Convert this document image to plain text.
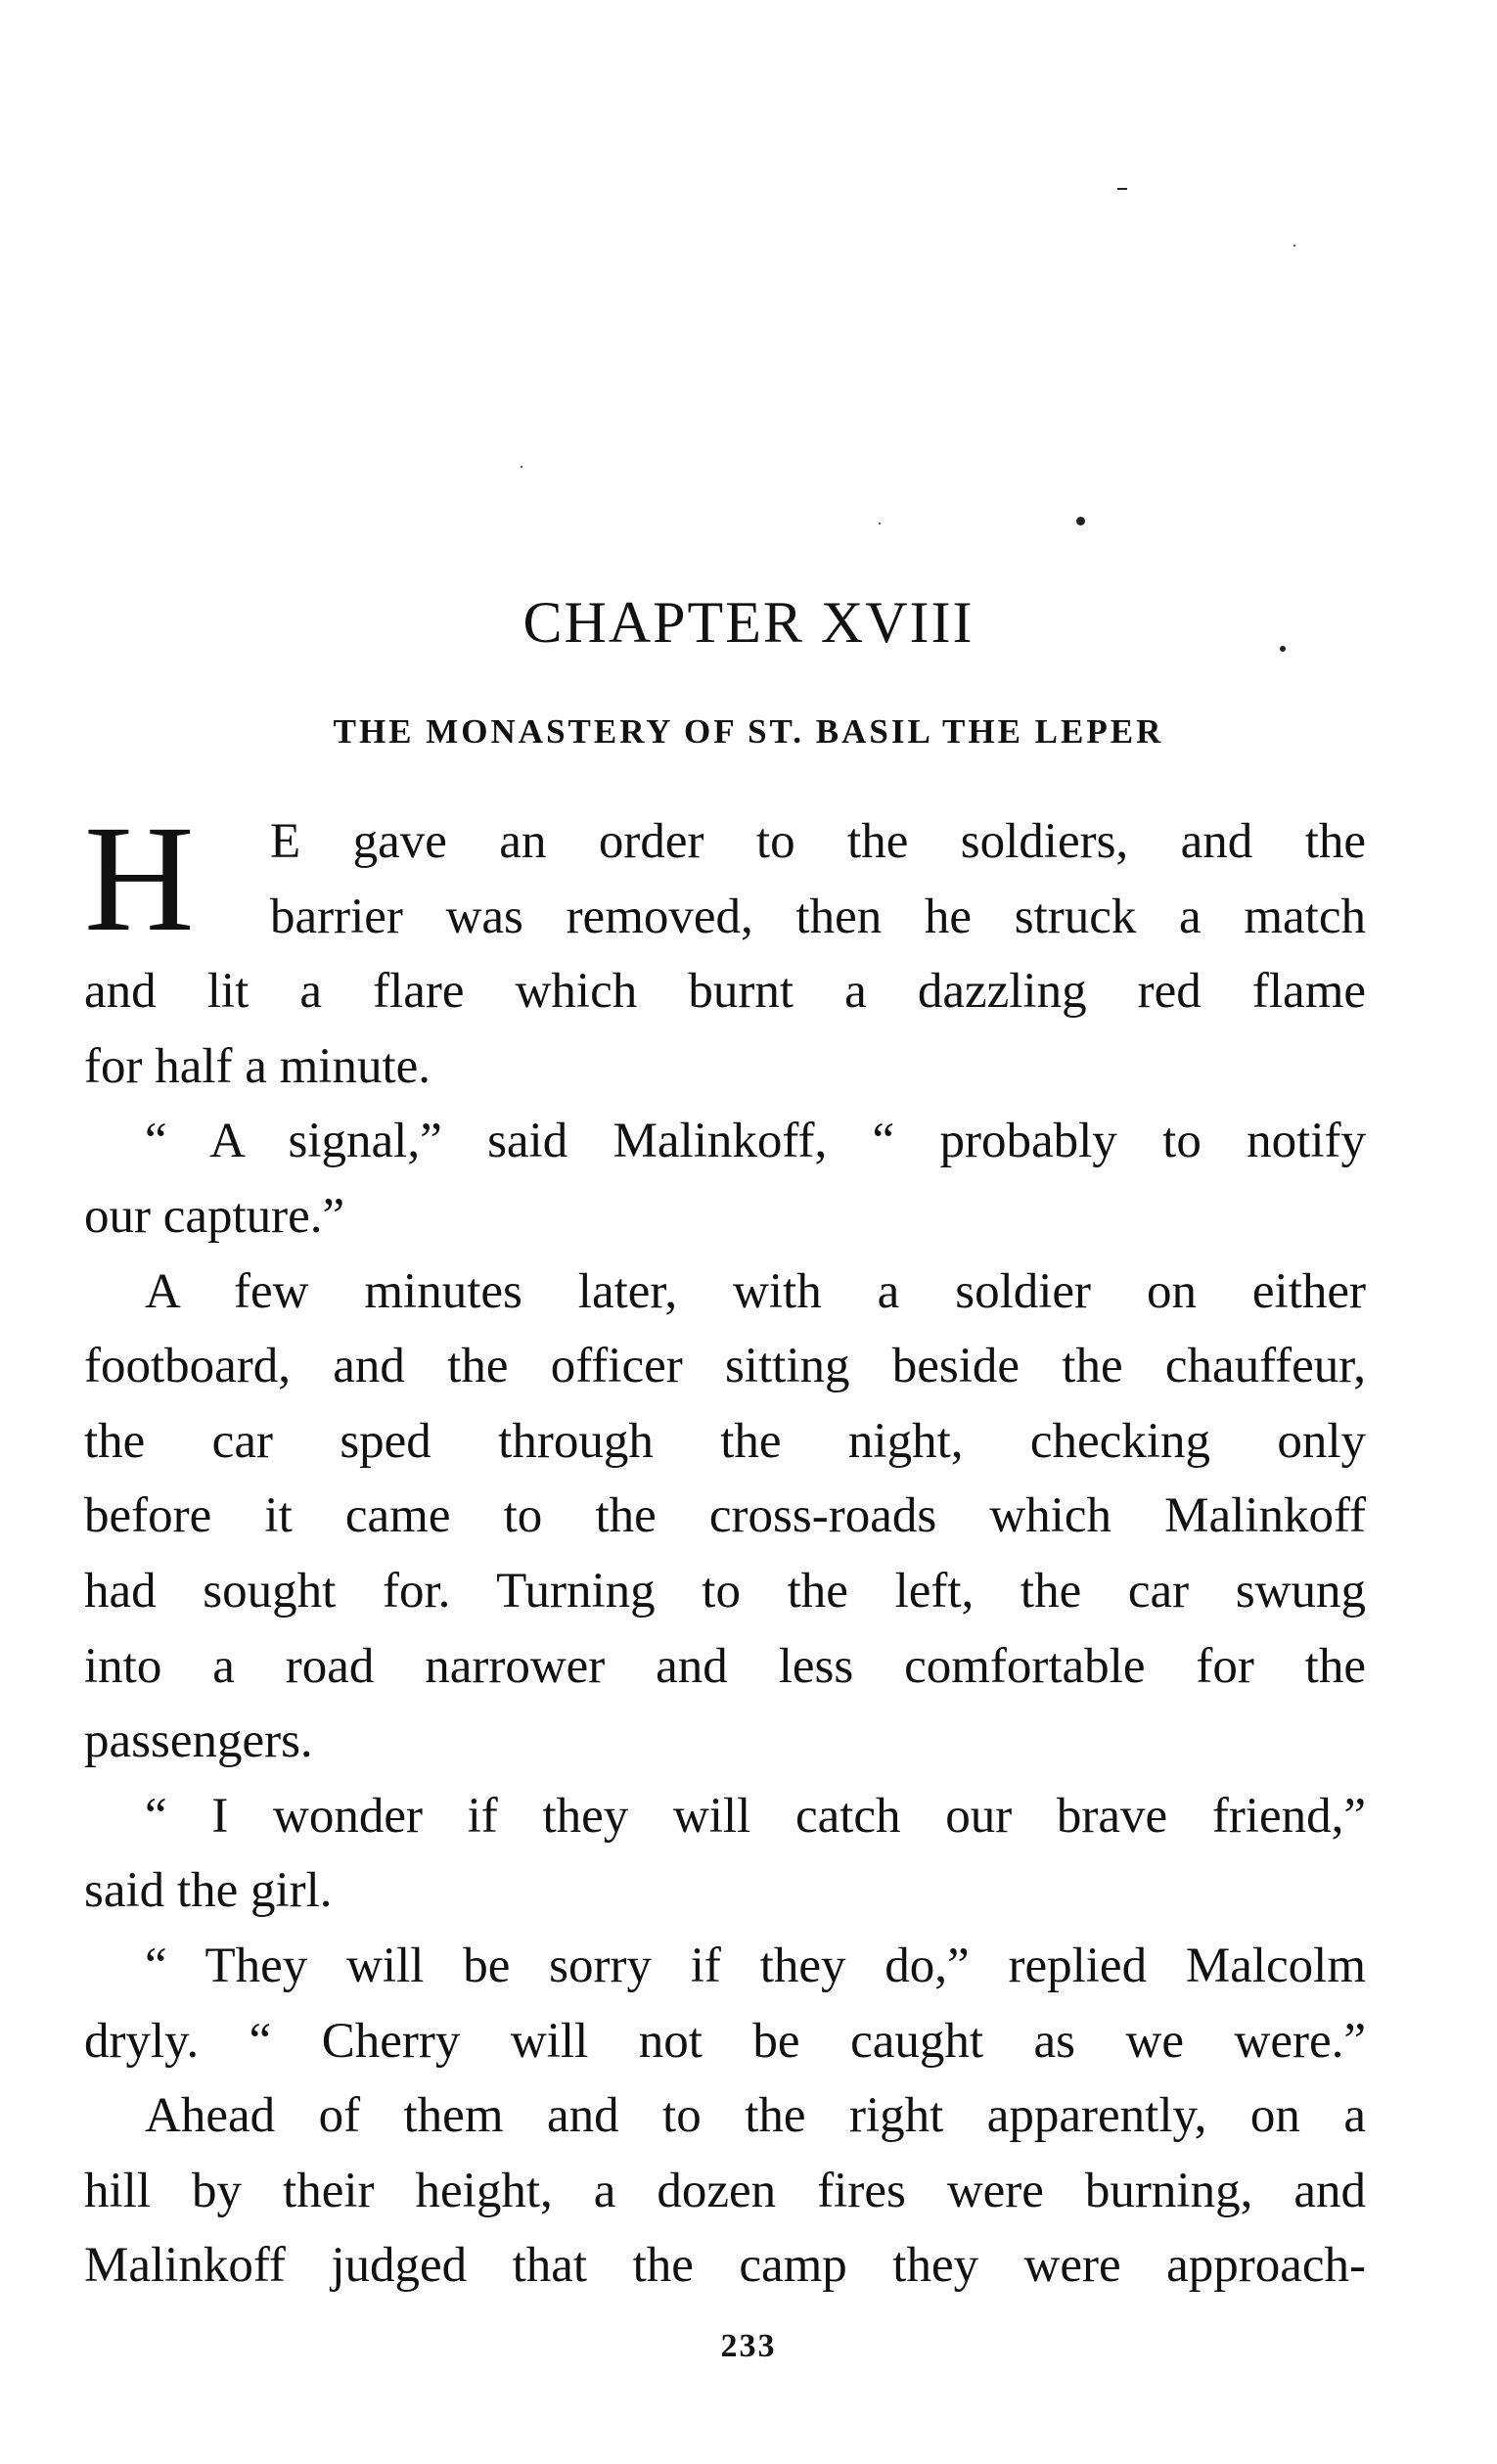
CHAPTER XVIII
THE MONASTERY OF ST. BASIL THE LEPER
H	E gave an order to the soldiers, and the
barrier was removed, then he struck a match
and lit a flare which burnt a dazzling red flame
for half a minute.
“ A signal,” said Malinkoff, “ probably to notify
our capture.”
A few minutes later, with a soldier on either
footboard, and the officer sitting beside the chauffeur,
the car sped through the night, checking only
before it came to the cross-roads which Malinkoff
had sought for. Turning to the left, the car swung
into a road narrower and less comfortable for the
passengers.
“ I wonder if they will catch our brave friend,”
said the girl.
“ They will be sorry if they do,” replied Malcolm
dryly. “ Cherry will not be caught as we were.”
Ahead of them and to the right apparently, on a
hill by their height, a dozen fires were burning, and
Malinkoff judged that the camp they were approach-
233
